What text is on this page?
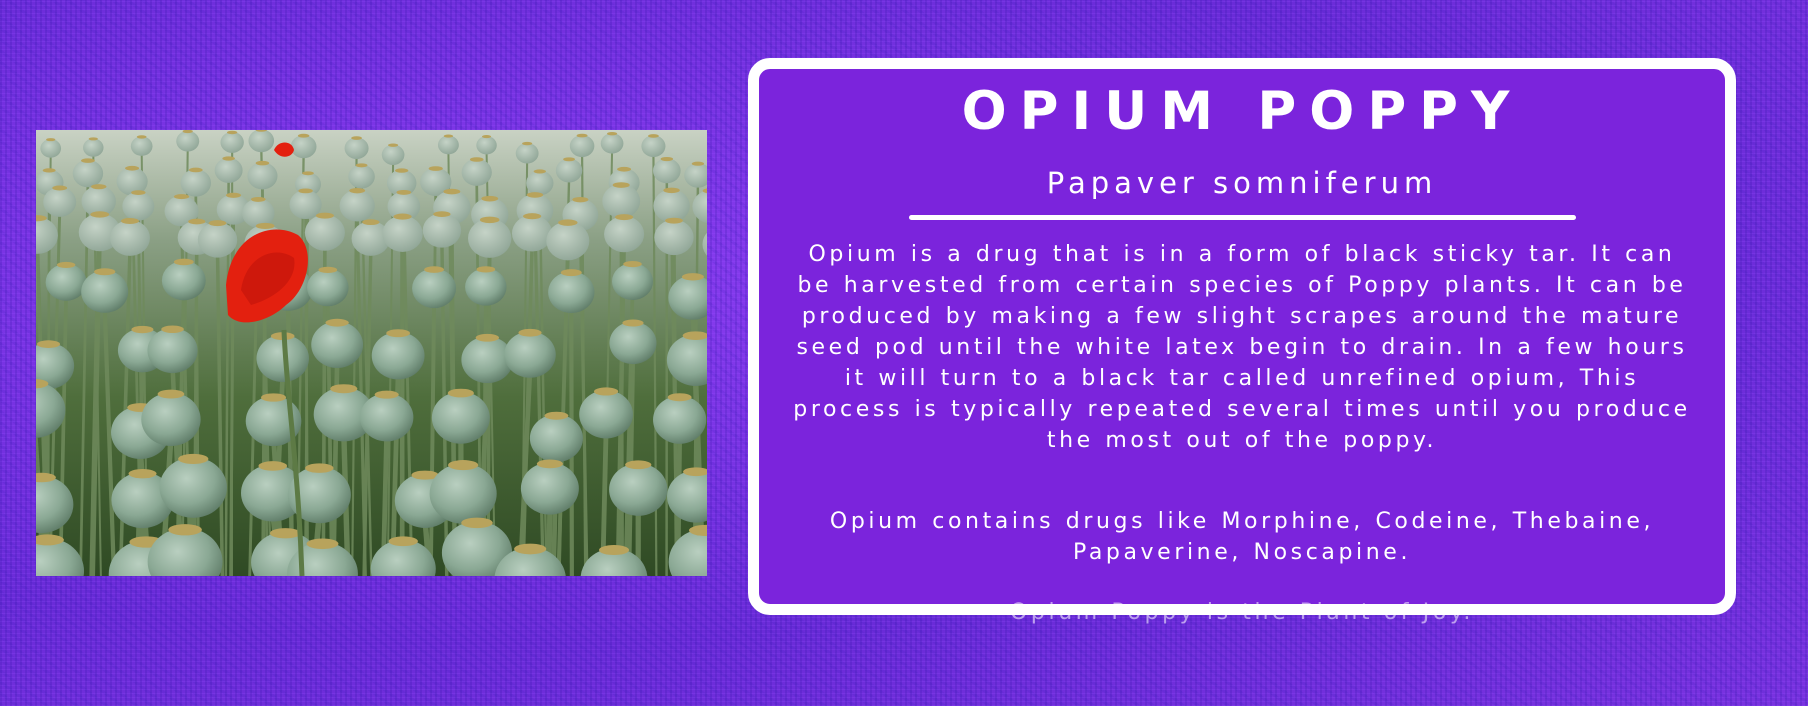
OPIUM POPPY
Papaver somniferum

Opium is a drug that is in a form of black sticky tar. It can be harvested from certain species of Poppy plants. It can be produced by making a few slight scrapes around the mature seed pod until the white latex begin to drain. In a few hours it will turn to a black tar called unrefined opium, This process is typically repeated several times until you produce the most out of the poppy.

Opium contains drugs like Morphine, Codeine, Thebaine, Papaverine, Noscapine.

Opium Poppy is the Plant of Joy.
